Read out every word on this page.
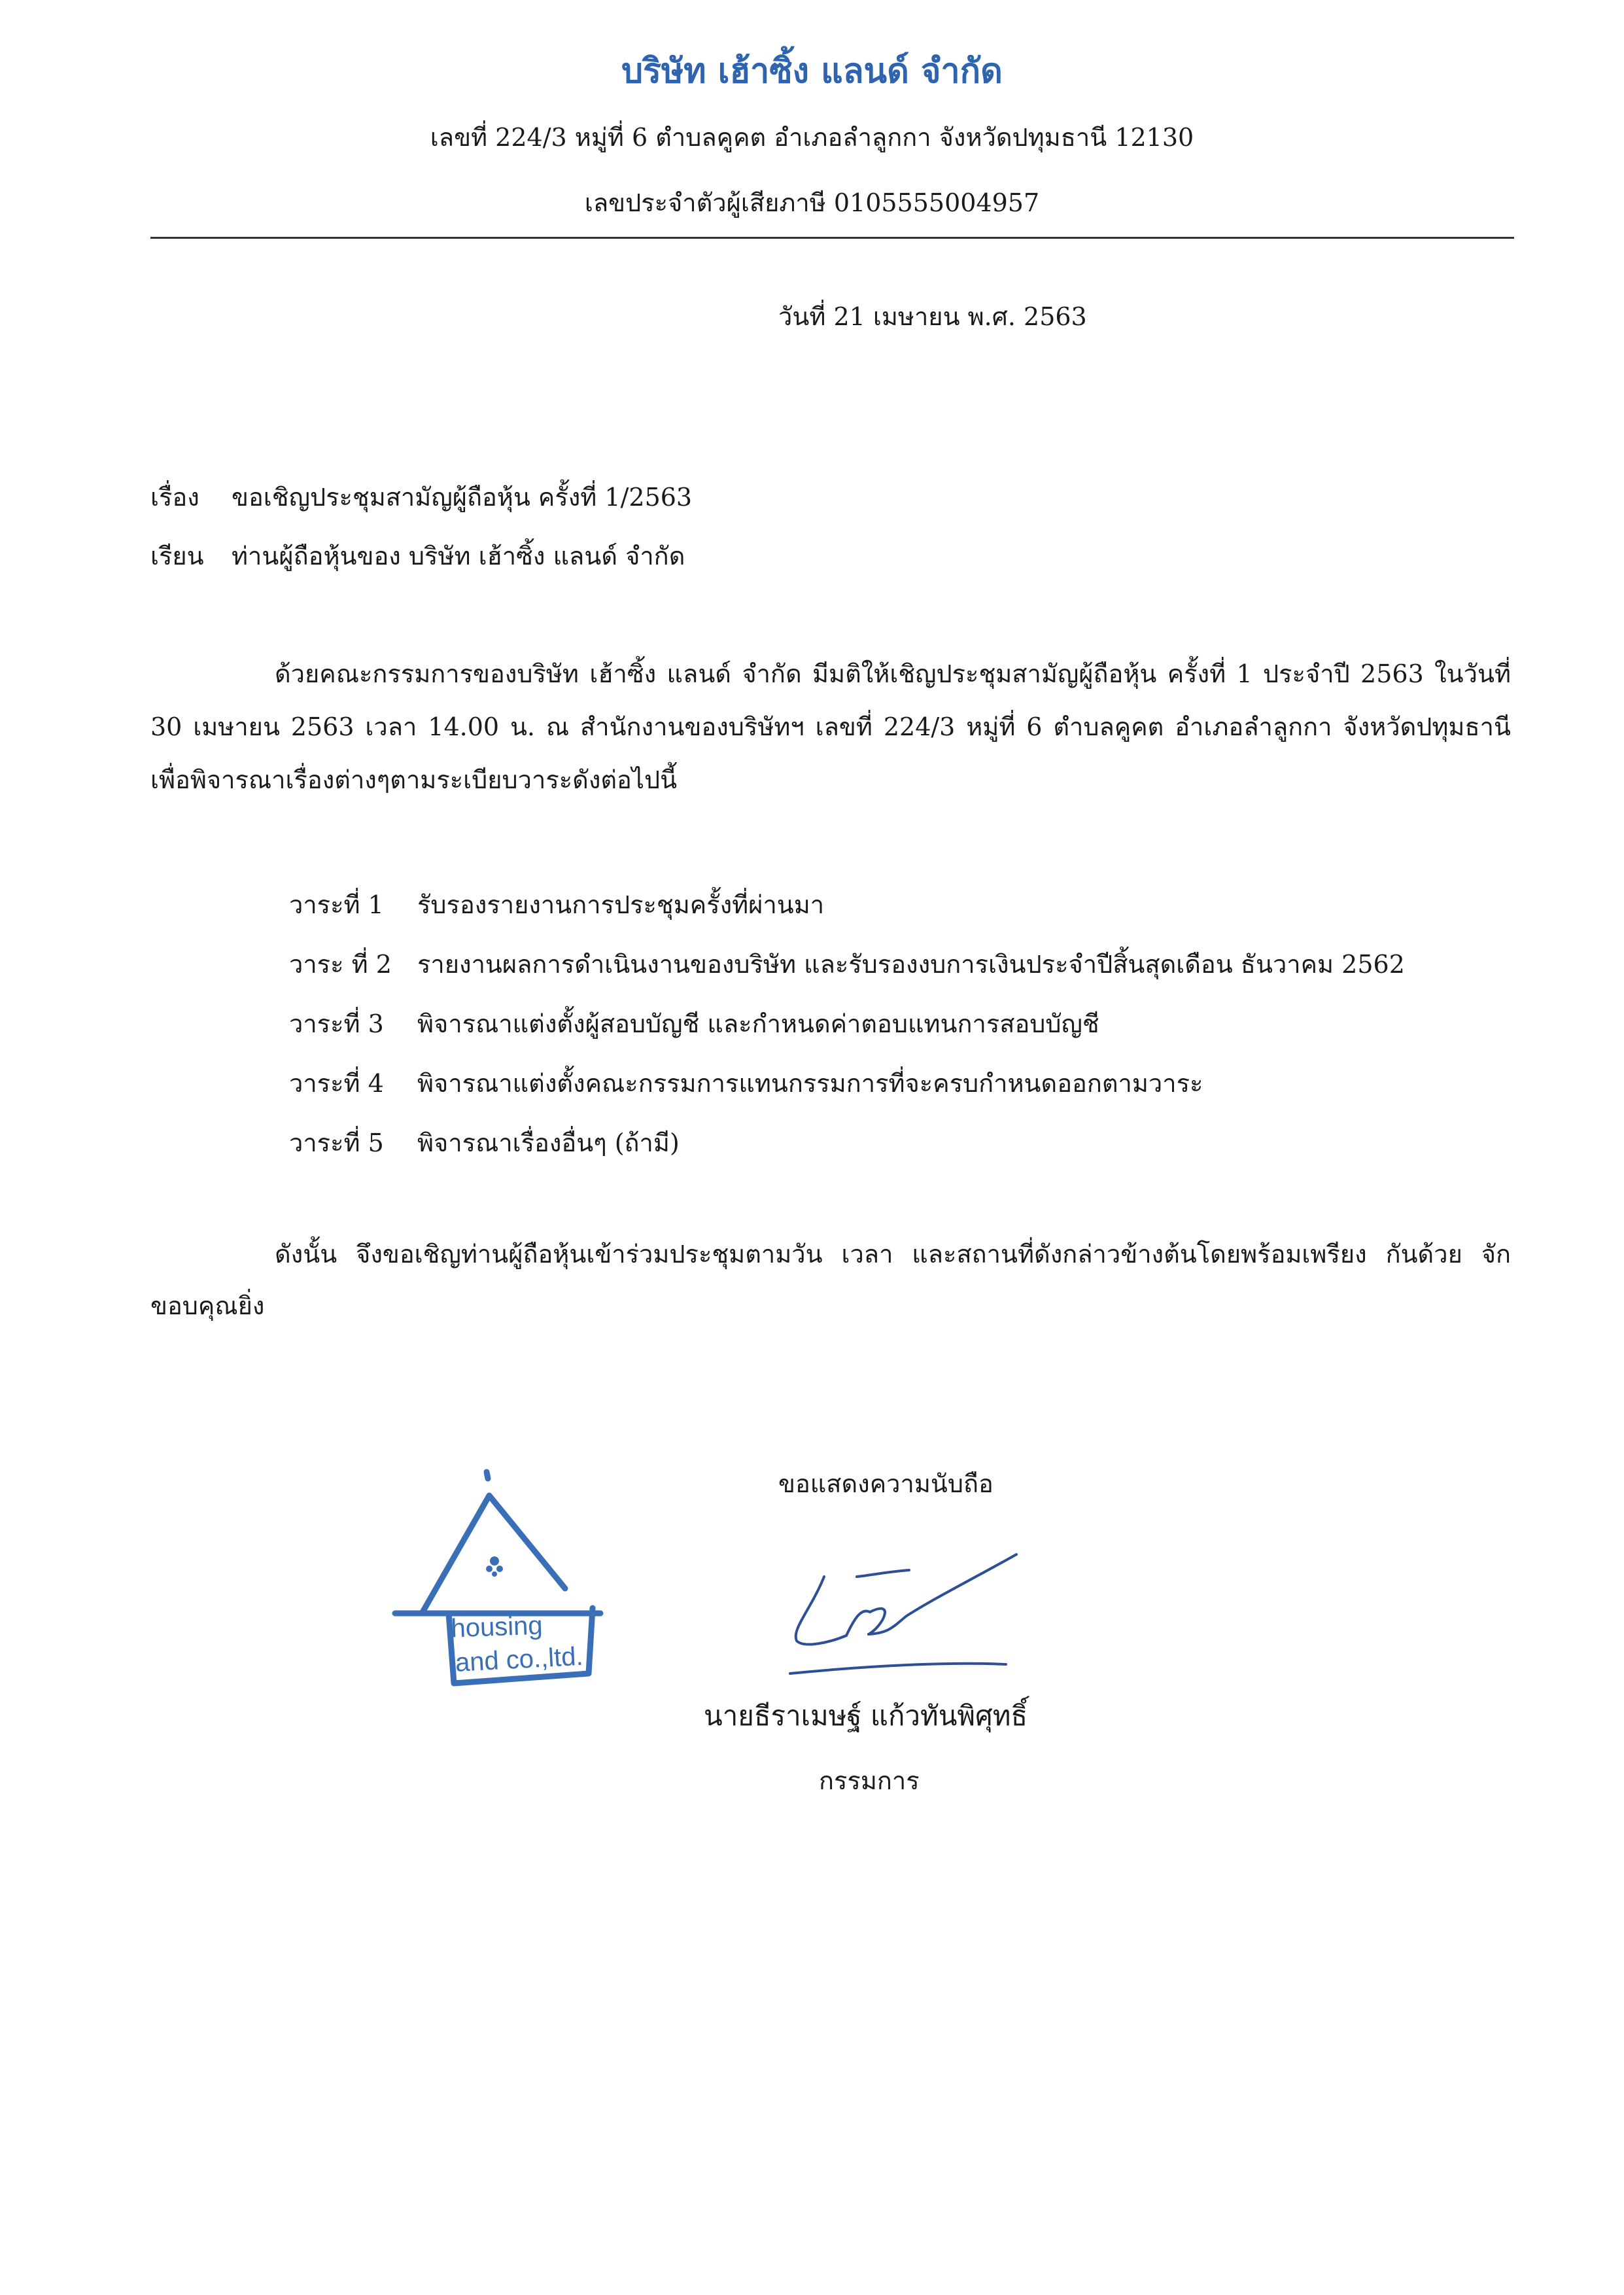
บริษัท เฮ้าซิ้ง แลนด์ จำกัด
เลขที่ 224/3 หมู่ที่ 6 ตำบลคูคต อำเภอลำลูกกา จังหวัดปทุมธานี 12130
เลขประจำตัวผู้เสียภาษี 0105555004957
วันที่ 21 เมษายน พ.ศ. 2563
เรื่อง ขอเชิญประชุมสามัญผู้ถือหุ้น ครั้งที่ 1/2563
เรียน ท่านผู้ถือหุ้นของ บริษัท เฮ้าซิ้ง แลนด์ จำกัด
ด้วยคณะกรรมการของบริษัท เฮ้าซิ้ง แลนด์ จำกัด มีมติให้เชิญประชุมสามัญผู้ถือหุ้น ครั้งที่ 1 ประจำปี 2563 ในวันที่ 30 เมษายน 2563 เวลา 14.00 น. ณ สำนักงานของบริษัทฯ เลขที่ 224/3 หมู่ที่ 6 ตำบลคูคต อำเภอลำลูกกา จังหวัดปทุมธานี เพื่อพิจารณาเรื่องต่างๆตามระเบียบวาระดังต่อไปนี้
วาระที่ 1 รับรองรายงานการประชุมครั้งที่ผ่านมา
วาระ ที่ 2 รายงานผลการดำเนินงานของบริษัท และรับรองงบการเงินประจำปีสิ้นสุดเดือน ธันวาคม 2562
วาระที่ 3 พิจารณาแต่งตั้งผู้สอบบัญชี และกำหนดค่าตอบแทนการสอบบัญชี
วาระที่ 4 พิจารณาแต่งตั้งคณะกรรมการแทนกรรมการที่จะครบกำหนดออกตามวาระ
วาระที่ 5 พิจารณาเรื่องอื่นๆ (ถ้ามี)
ดังนั้น จึงขอเชิญท่านผู้ถือหุ้นเข้าร่วมประชุมตามวัน เวลา และสถานที่ดังกล่าวข้างต้นโดยพร้อมเพรียง กันด้วย จักขอบคุณยิ่ง
ขอแสดงความนับถือ
housing
land co.,ltd.
นายธีราเมษฐ์ แก้วทันพิศุทธิ์
กรรมการ
